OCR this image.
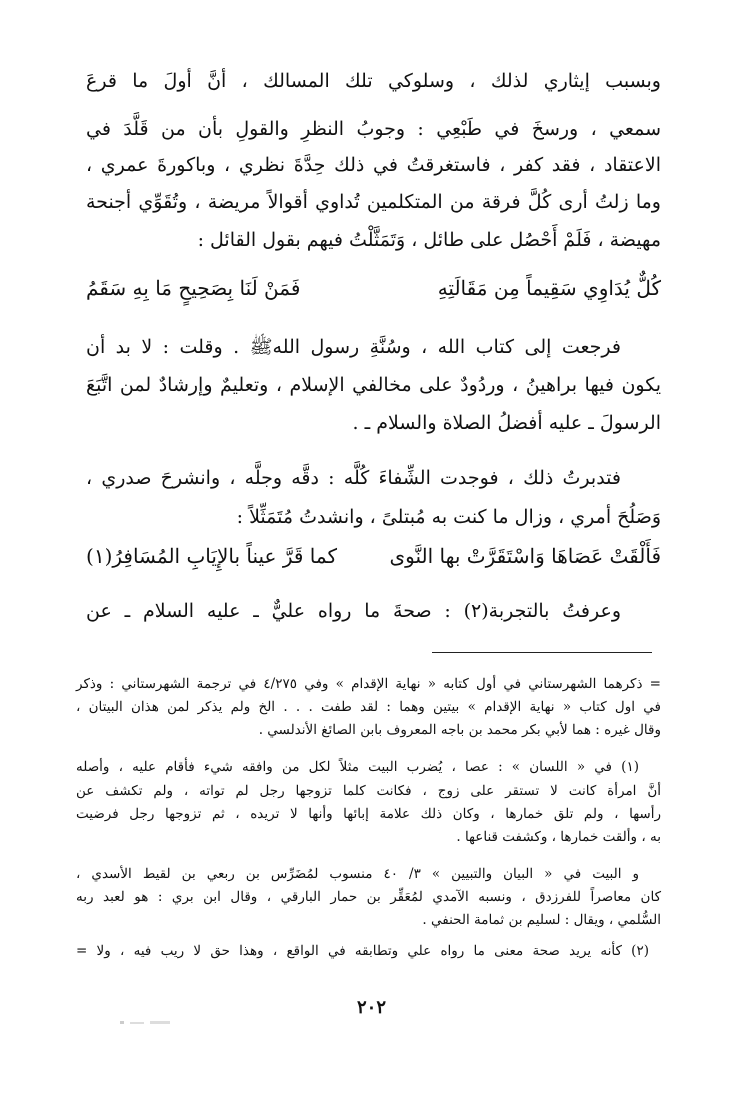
وبسبب إيثاري لذلك ، وسلوكي تلك المسالك ، أنَّ أولَ ما قرعَ
سمعي ، ورسخَ في طَبْعِي : وجوبُ النظرِ والقولِ بأن من قَلَّدَ في
الاعتقاد ، فقد كفر ، فاستغرقتُ في ذلك حِدَّةَ نظري ، وباكورةَ عمري ،
وما زلتُ أرى كُلَّ فرقة من المتكلمين تُداوي أقوالاً مريضة ، وتُقَوِّي أجنحة
مهيضة ، فَلَمْ أَحْصُل على طائل ، وَتَمَثَّلْتُ فيهم بقول القائل :
كُلٌّ يُدَاوِي سَقِيماً مِن مَقَالَتِهِ
فَمَنْ لَنَا بِصَحِيحٍ مَا بِهِ سَقَمُ
فرجعت إلى كتاب الله ، وسُنَّةِ رسول اللهﷺ . وقلت : لا بد أن
يكون فيها براهينُ ، وردُودٌ على مخالفي الإسلام ، وتعليمٌ وإرشادٌ لمن اتَّبَعَ
الرسولَ ـ عليه أفضلُ الصلاة والسلام ـ .
فتدبرتُ ذلك ، فوجدت الشِّفاءَ كُلَّه : دقَّه وجلَّه ، وانشرحَ صدري ،
وَصَلُحَ أمري ، وزال ما كنت به مُبتلىً ، وانشدتُ مُتَمَثِّلاً :
فَأَلْقَتْ عَصَاهَا وَاسْتَقَرَّتْ بها النَّوى
كما قَرَّ عيناً بالإِيَابِ المُسَافِرُ(١)
وعرفتُ بالتجربة(٢) : صحةَ ما رواه عليٌّ ـ عليه السلام ـ عن
= ذكرهما الشهرستاني في أول كتابه « نهاية الإقدام » وفي ٤/٢٧٥ في ترجمة الشهرستاني : وذكر
في اول كتاب « نهاية الإقدام » بيتين وهما : لقد طفت . . . الخ ولم يذكر لمن هذان البيتان ،
وقال غيره : هما لأبي بكر محمد بن باجه المعروف بابن الصائغ الأندلسي .
(١) في « اللسان » : عصا ، يُضرب البيت مثلاً لكل من وافقه شيء فأقام عليه ، وأصله
أنَّ امرأة كانت لا تستقر على زوج ، فكانت كلما تزوجها رجل لم تواته ، ولم تكشف عن
رأسها ، ولم تلق خمارها ، وكان ذلك علامة إبائها وأنها لا تريده ، ثم تزوجها رجل فرضيت
به ، وألقت خمارها ، وكشفت قناعها .
و البيت في « البيان والتبيين » ٣/ ٤٠ منسوب لمُضَرِّس بن ربعي بن لقيط الأسدي ،
كان معاصراً للفرزدق ، ونسبه الآمدي لمُعَقِّر بن حمار البارقي ، وقال ابن بري : هو لعبد ربه
السُّلمي ، ويقال : لسليم بن ثمامة الحنفي .
(٢) كأنه يريد صحة معنى ما رواه علي وتطابقه في الواقع ، وهذا حق لا ريب فيه ، ولا =
٢٠٢
